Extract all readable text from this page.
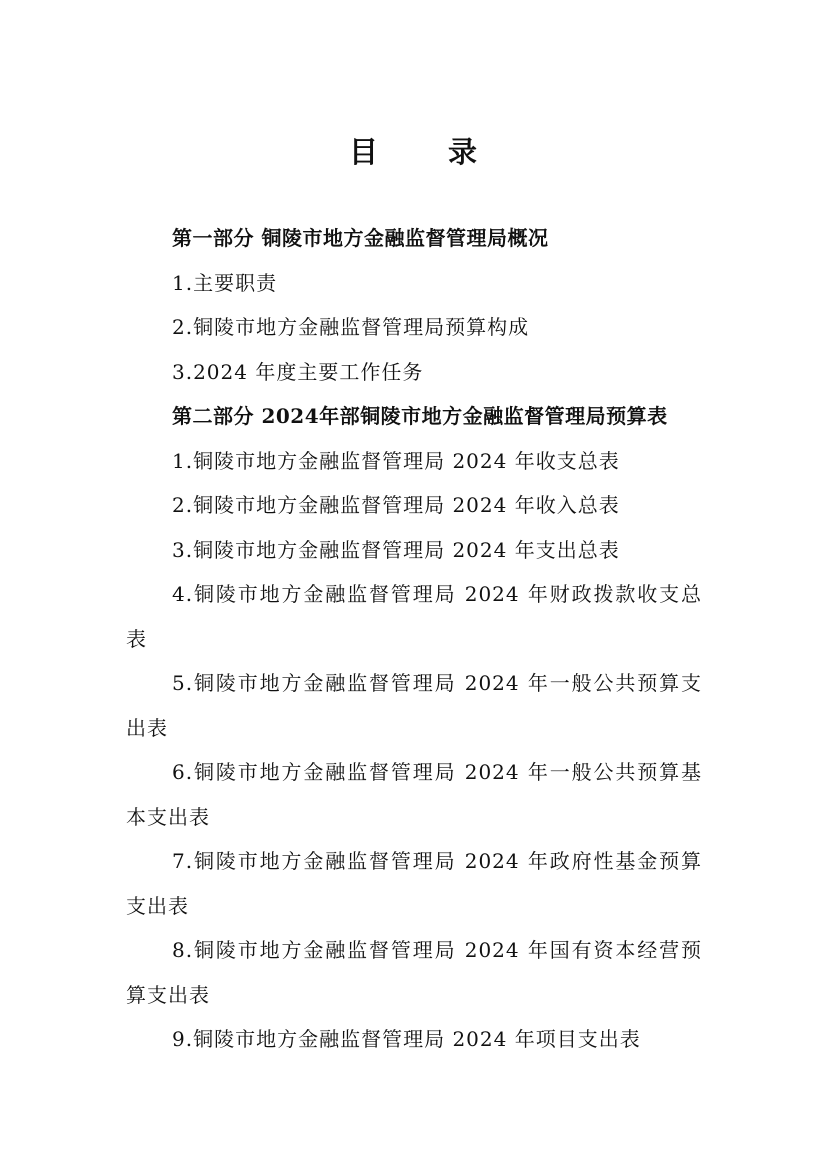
目 录
第一部分 铜陵市地方金融监督管理局概况
1.主要职责
2.铜陵市地方金融监督管理局预算构成
3.2024 年度主要工作任务
第二部分 2024年部铜陵市地方金融监督管理局预算表
1.铜陵市地方金融监督管理局 2024 年收支总表
2.铜陵市地方金融监督管理局 2024 年收入总表
3.铜陵市地方金融监督管理局 2024 年支出总表
4.铜陵市地方金融监督管理局 2024 年财政拨款收支总表
5.铜陵市地方金融监督管理局 2024 年一般公共预算支出表
6.铜陵市地方金融监督管理局 2024 年一般公共预算基本支出表
7.铜陵市地方金融监督管理局 2024 年政府性基金预算支出表
8.铜陵市地方金融监督管理局 2024 年国有资本经营预算支出表
9.铜陵市地方金融监督管理局 2024 年项目支出表
